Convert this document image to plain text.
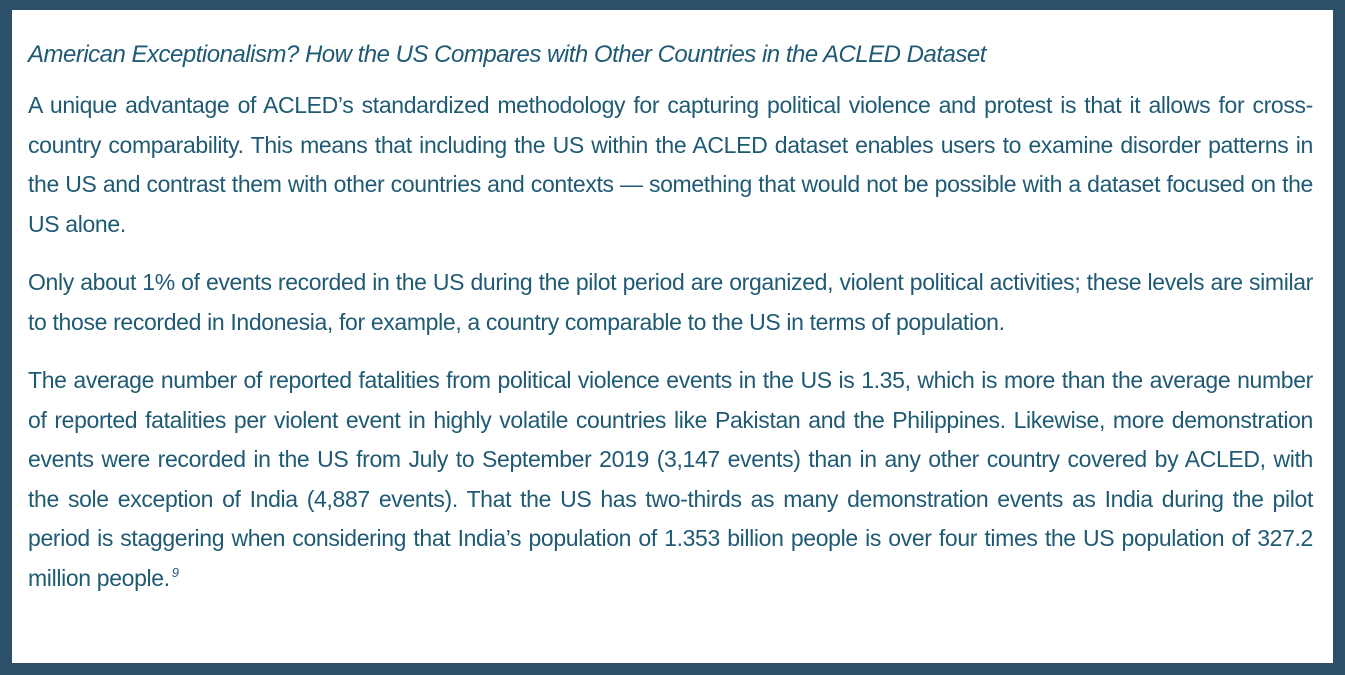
American Exceptionalism? How the US Compares with Other Countries in the ACLED Dataset

A unique advantage of ACLED’s standardized methodology for capturing political violence and protest is that it allows for cross-country comparability. This means that including the US within the ACLED dataset enables users to examine disorder patterns in the US and contrast them with other countries and contexts — something that would not be possible with a dataset focused on the US alone.

Only about 1% of events recorded in the US during the pilot period are organized, violent political activities; these levels are similar to those recorded in Indonesia, for example, a country comparable to the US in terms of population.

The average number of reported fatalities from political violence events in the US is 1.35, which is more than the average number of reported fatalities per violent event in highly volatile countries like Pakistan and the Philippines. Likewise, more demonstration events were recorded in the US from July to September 2019 (3,147 events) than in any other country covered by ACLED, with the sole exception of India (4,887 events). That the US has two-thirds as many demonstration events as India during the pilot period is staggering when considering that India’s population of 1.353 billion people is over four times the US population of 327.2 million people. $^9$
